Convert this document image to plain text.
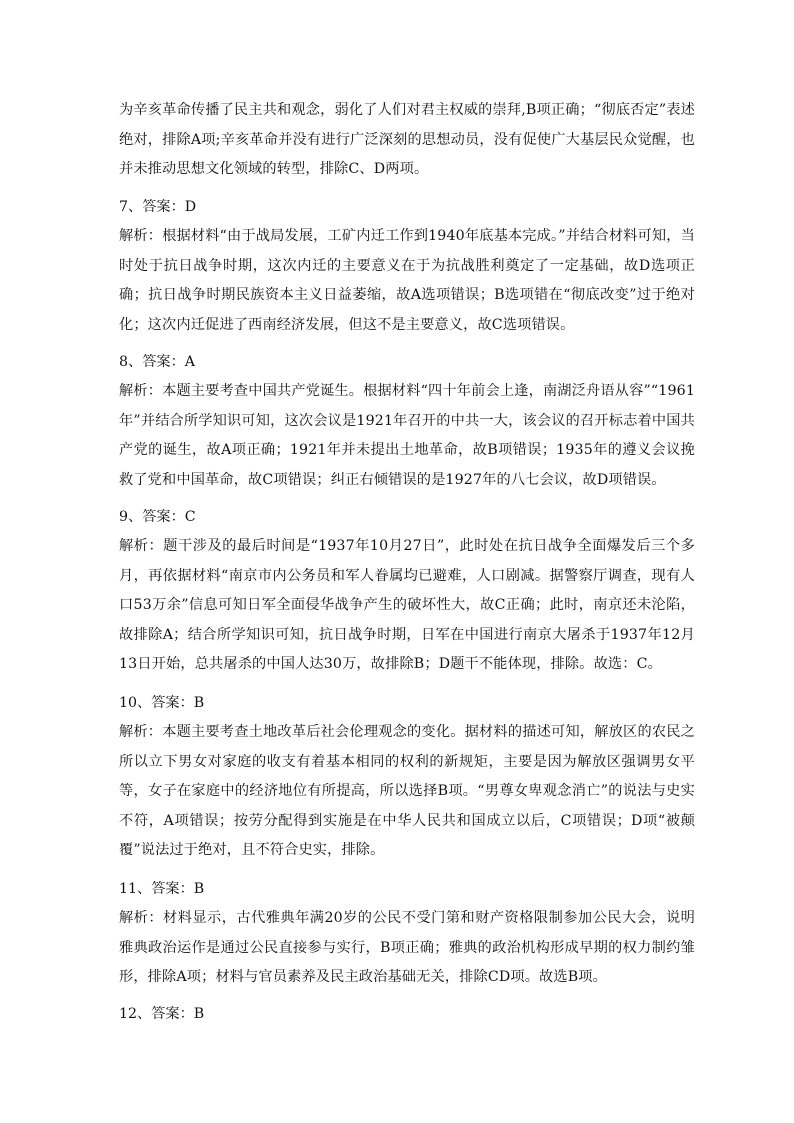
为辛亥革命传播了民主共和观念，弱化了人们对君主权威的崇拜,B项正确；“彻底否定”表述绝对，排除A项;辛亥革命并没有进行广泛深刻的思想动员，没有促使广大基层民众觉醒，也并未推动思想文化领域的转型，排除C、D两项。
7、答案：D
解析：根据材料“由于战局发展，工矿内迁工作到1940年底基本完成。”并结合材料可知，当时处于抗日战争时期，这次内迁的主要意义在于为抗战胜利奠定了一定基础，故D选项正确；抗日战争时期民族资本主义日益萎缩，故A选项错误；B选项错在“彻底改变”过于绝对化；这次内迁促进了西南经济发展，但这不是主要意义，故C选项错误。
8、答案：A
解析：本题主要考查中国共产党诞生。根据材料“四十年前会上逢，南湖泛舟语从容”“1961年”并结合所学知识可知，这次会议是1921年召开的中共一大，该会议的召开标志着中国共产党的诞生，故A项正确；1921年并未提出土地革命，故B项错误；1935年的遵义会议挽救了党和中国革命，故C项错误；纠正右倾错误的是1927年的八七会议，故D项错误。
9、答案：C
解析：题干涉及的最后时间是“1937年10月27日”，此时处在抗日战争全面爆发后三个多月，再依据材料“南京市内公务员和军人眷属均已避难，人口剧减。据警察厅调查，现有人口53万余”信息可知日军全面侵华战争产生的破坏性大，故C正确；此时，南京还未沦陷，故排除A；结合所学知识可知，抗日战争时期，日军在中国进行南京大屠杀于1937年12月13日开始，总共屠杀的中国人达30万，故排除B；D题干不能体现，排除。故选：C。
10、答案：B
解析：本题主要考查土地改革后社会伦理观念的变化。据材料的描述可知，解放区的农民之所以立下男女对家庭的收支有着基本相同的权利的新规矩，主要是因为解放区强调男女平等，女子在家庭中的经济地位有所提高，所以选择B项。“男尊女卑观念消亡”的说法与史实不符，A项错误；按劳分配得到实施是在中华人民共和国成立以后，C项错误；D项“被颠覆”说法过于绝对，且不符合史实，排除。
11、答案：B
解析：材料显示，古代雅典年满20岁的公民不受门第和财产资格限制参加公民大会，说明雅典政治运作是通过公民直接参与实行，B项正确；雅典的政治机构形成早期的权力制约雏形，排除A项；材料与官员素养及民主政治基础无关，排除CD项。故选B项。
12、答案：B
